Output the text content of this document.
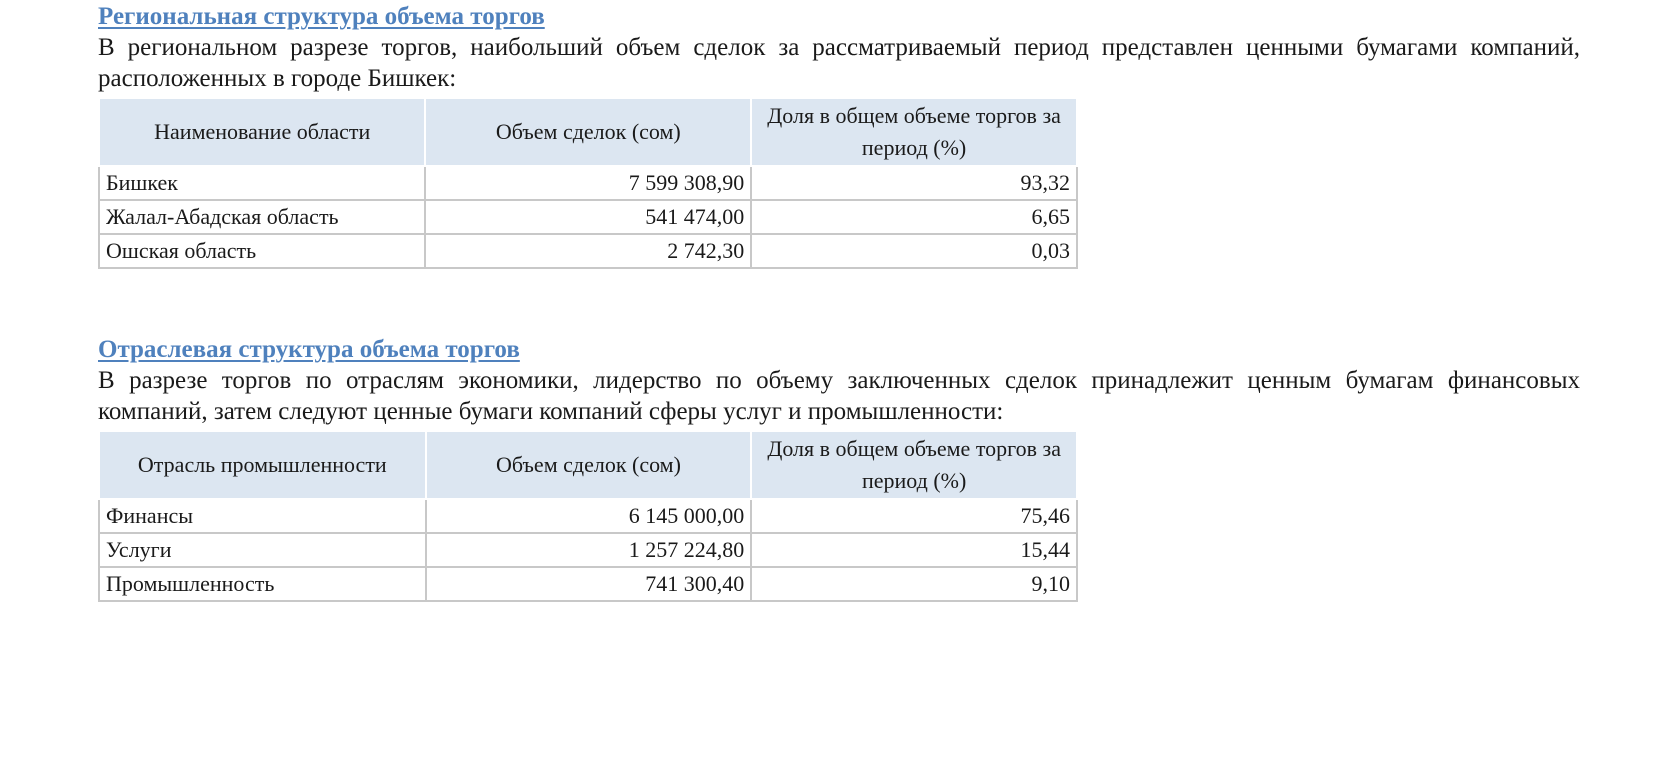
Региональная структура объема торгов

В региональном разрезе торгов, наибольший объем сделок за рассматриваемый период представлен ценными бумагами компаний, расположенных в городе Бишкек:

Наименование области	Объем сделок (сом)	Доля в общем объеме торгов за период (%)
Бишкек	7 599 308,90	93,32
Жалал-Абадская область	541 474,00	6,65
Ошская область	2 742,30	0,03
Отраслевая структура объема торгов

В разрезе торгов по отраслям экономики, лидерство по объему заключенных сделок принадлежит ценным бумагам финансовых компаний, затем следуют ценные бумаги компаний сферы услуг и промышленности:

Отрасль промышленности	Объем сделок (сом)	Доля в общем объеме торгов за период (%)
Финансы	6 145 000,00	75,46
Услуги	1 257 224,80	15,44
Промышленность	741 300,40	9,10
